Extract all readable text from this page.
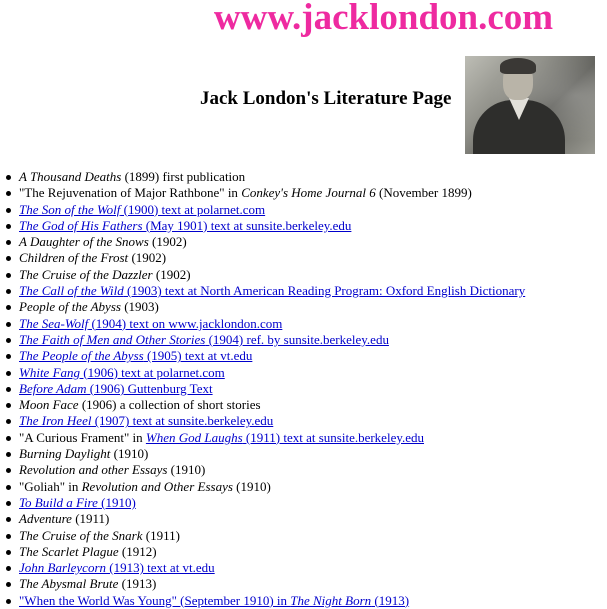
www.jacklondon.com
Jack London's Literature Page
A Thousand Deaths (1899) first publication
"The Rejuvenation of Major Rathbone" in Conkey's Home Journal 6 (November 1899)
The Son of the Wolf (1900) text at polarnet.com
The God of His Fathers (May 1901) text at sunsite.berkeley.edu
A Daughter of the Snows (1902)
Children of the Frost (1902)
The Cruise of the Dazzler (1902)
The Call of the Wild (1903) text at North American Reading Program: Oxford English Dictionary
People of the Abyss (1903)
The Sea-Wolf (1904) text on www.jacklondon.com
The Faith of Men and Other Stories (1904) ref. by sunsite.berkeley.edu
The People of the Abyss (1905) text at vt.edu
White Fang (1906) text at polarnet.com
Before Adam (1906) Guttenburg Text
Moon Face (1906) a collection of short stories
The Iron Heel (1907) text at sunsite.berkeley.edu
"A Curious Frament" in When God Laughs (1911) text at sunsite.berkeley.edu
Burning Daylight (1910)
Revolution and other Essays (1910)
"Goliah" in Revolution and Other Essays (1910)
To Build a Fire (1910)
Adventure (1911)
The Cruise of the Snark (1911)
The Scarlet Plague (1912)
John Barleycorn (1913) text at vt.edu
The Abysmal Brute (1913)
"When the World Was Young" (September 1910) in The Night Born (1913)
